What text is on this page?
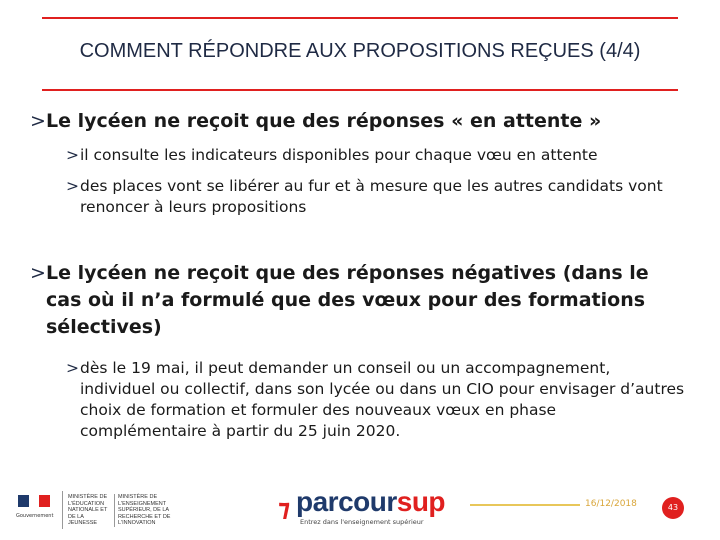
COMMENT RÉPONDRE AUX PROPOSITIONS REÇUES (4/4)
> Le lycéen ne reçoit que des réponses « en attente »
> il consulte les indicateurs disponibles pour chaque vœu en attente
> des places vont se libérer au fur et à mesure que les autres candidats vont renoncer à leurs propositions
> Le lycéen ne reçoit que des réponses négatives (dans le cas où il n’a formulé que des vœux pour des formations sélectives)
> dès le 19 mai, il peut demander un conseil ou un accompagnement, individuel ou collectif, dans son lycée ou dans un CIO pour envisager d’autres choix de formation et formuler des nouveaux vœux en phase complémentaire à partir du 25 juin 2020.
Gouvernement
MINISTÈRE DE L'ÉDUCATION NATIONALE ET DE LA JEUNESSE
MINISTÈRE DE L'ENSEIGNEMENT SUPÉRIEUR, DE LA RECHERCHE ET DE L'INNOVATION
⁊ parcoursup
Entrez dans l'enseignement supérieur
16/12/2018	43
